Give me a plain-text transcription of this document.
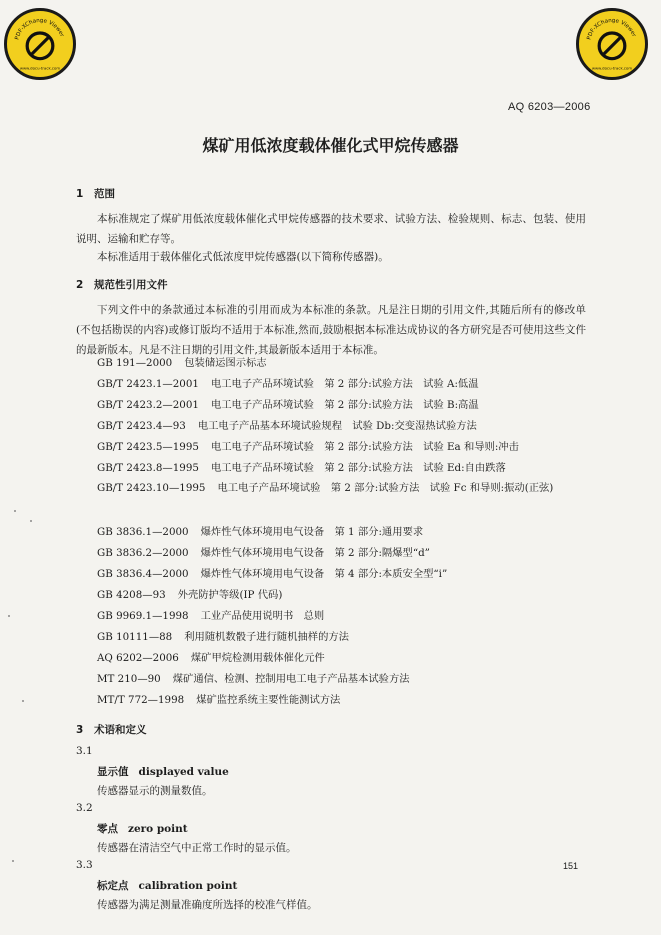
PDF-XChange Viewer
www.docu-track.com
PDF-XChange Viewer
www.docu-track.com
AQ 6203—2006
煤矿用低浓度载体催化式甲烷传感器
1 范围
本标准规定了煤矿用低浓度载体催化式甲烷传感器的技术要求、试验方法、检验规则、标志、包装、使用说明、运输和贮存等。
本标准适用于载体催化式低浓度甲烷传感器(以下简称传感器)。
2 规范性引用文件
下列文件中的条款通过本标准的引用而成为本标准的条款。凡是注日期的引用文件,其随后所有的修改单(不包括勘误的内容)或修订版均不适用于本标准,然而,鼓励根据本标准达成协议的各方研究是否可使用这些文件的最新版本。凡是不注日期的引用文件,其最新版本适用于本标准。
GB 191—2000 包装储运图示标志
GB/T 2423.1—2001 电工电子产品环境试验　第 2 部分:试验方法　试验 A:低温
GB/T 2423.2—2001 电工电子产品环境试验　第 2 部分:试验方法　试验 B:高温
GB/T 2423.4—93 电工电子产品基本环境试验规程　试验 Db:交变湿热试验方法
GB/T 2423.5—1995 电工电子产品环境试验　第 2 部分:试验方法　试验 Ea 和导则:冲击
GB/T 2423.8—1995 电工电子产品环境试验　第 2 部分:试验方法　试验 Ed:自由跌落
GB/T 2423.10—1995 电工电子产品环境试验　第 2 部分:试验方法　试验 Fc 和导则:振动(正弦)
GB 3836.1—2000 爆炸性气体环境用电气设备　第 1 部分:通用要求
GB 3836.2—2000 爆炸性气体环境用电气设备　第 2 部分:隔爆型“d”
GB 3836.4—2000 爆炸性气体环境用电气设备　第 4 部分:本质安全型“i”
GB 4208—93 外壳防护等级(IP 代码)
GB 9969.1—1998 工业产品使用说明书　总则
GB 10111—88 利用随机数骰子进行随机抽样的方法
AQ 6202—2006 煤矿甲烷检测用载体催化元件
MT 210—90 煤矿通信、检测、控制用电工电子产品基本试验方法
MT/T 772—1998 煤矿监控系统主要性能测试方法
3 术语和定义
3.1
显示值 displayed value
传感器显示的测量数值。
3.2
零点 zero point
传感器在清洁空气中正常工作时的显示值。
3.3
标定点 calibration point
传感器为满足测量准确度所选择的校准气样值。
151
